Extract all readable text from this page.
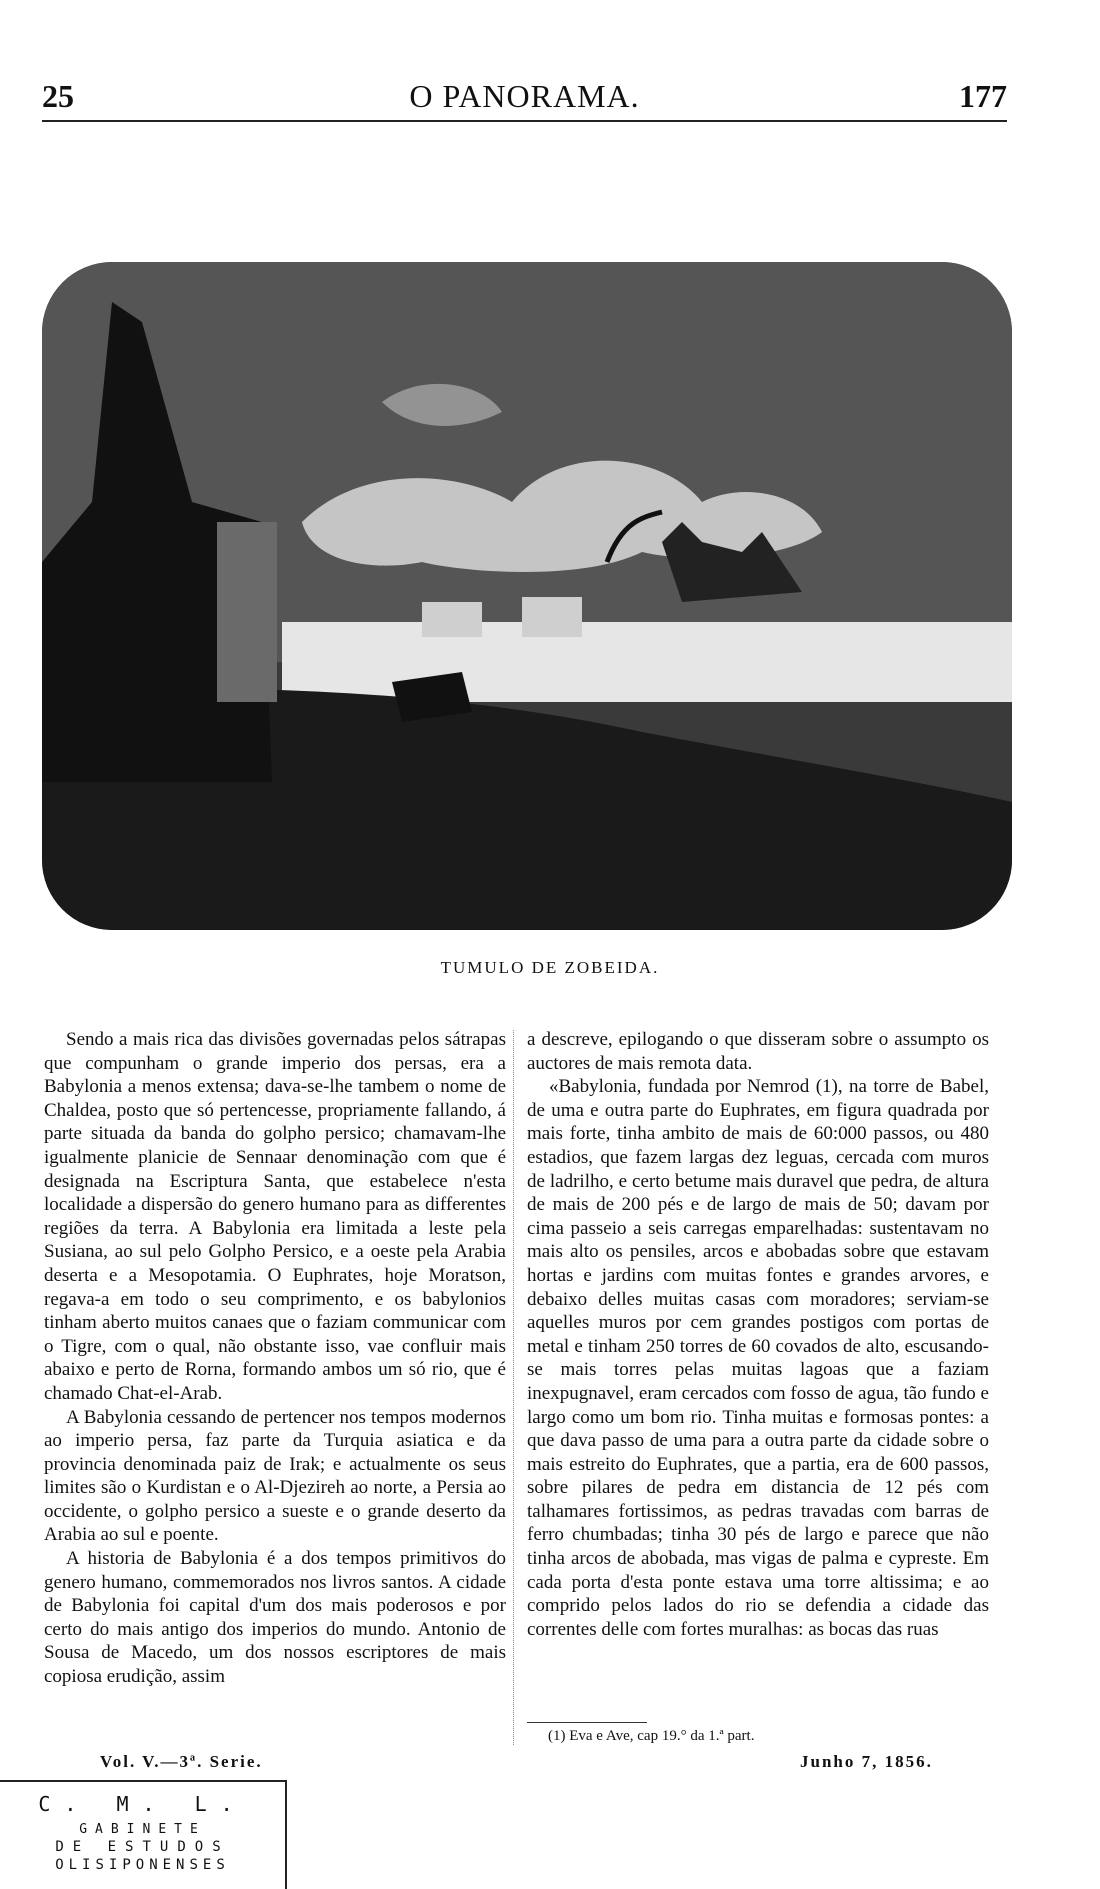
25	O PANORAMA.	177
TUMULO DE ZOBEIDA.

Sendo a mais rica das divisões governadas pelos sátrapas que compunham o grande imperio dos persas, era a Babylonia a menos extensa; dava-se-lhe tambem o nome de Chaldea, posto que só pertencesse, propriamente fallando, á parte situada da banda do golpho persico; chamavam-lhe igualmente planicie de Sennaar denominação com que é designada na Escriptura Santa, que estabelece n'esta localidade a dispersão do genero humano para as differentes regiões da terra. A Babylonia era limitada a leste pela Susiana, ao sul pelo Golpho Persico, e a oeste pela Arabia deserta e a Mesopotamia. O Euphrates, hoje Moratson, regava-a em todo o seu comprimento, e os babylonios tinham aberto muitos canaes que o faziam communicar com o Tigre, com o qual, não obstante isso, vae confluir mais abaixo e perto de Rorna, formando ambos um só rio, que é chamado Chat-el-Arab.

A Babylonia cessando de pertencer nos tempos modernos ao imperio persa, faz parte da Turquia asiatica e da provincia denominada paiz de Irak; e actualmente os seus limites são o Kurdistan e o Al-Djezireh ao norte, a Persia ao occidente, o golpho persico a sueste e o grande deserto da Arabia ao sul e poente.

A historia de Babylonia é a dos tempos primitivos do genero humano, commemorados nos livros santos. A cidade de Babylonia foi capital d'um dos mais poderosos e por certo do mais antigo dos imperios do mundo. Antonio de Sousa de Macedo, um dos nossos escriptores de mais copiosa erudição, assim

a descreve, epilogando o que disseram sobre o assumpto os auctores de mais remota data.

«Babylonia, fundada por Nemrod (1), na torre de Babel, de uma e outra parte do Euphrates, em figura quadrada por mais forte, tinha ambito de mais de 60:000 passos, ou 480 estadios, que fazem largas dez leguas, cercada com muros de ladrilho, e certo betume mais duravel que pedra, de altura de mais de 200 pés e de largo de mais de 50; davam por cima passeio a seis carregas emparelhadas: sustentavam no mais alto os pensiles, arcos e abobadas sobre que estavam hortas e jardins com muitas fontes e grandes arvores, e debaixo delles muitas casas com moradores; serviam-se aquelles muros por cem grandes postigos com portas de metal e tinham 250 torres de 60 covados de alto, escusando-se mais torres pelas muitas lagoas que a faziam inexpugnavel, eram cercados com fosso de agua, tão fundo e largo como um bom rio. Tinha muitas e formosas pontes: a que dava passo de uma para a outra parte da cidade sobre o mais estreito do Euphrates, que a partia, era de 600 passos, sobre pilares de pedra em distancia de 12 pés com talhamares fortissimos, as pedras travadas com barras de ferro chumbadas; tinha 30 pés de largo e parece que não tinha arcos de abobada, mas vigas de palma e cypreste. Em cada porta d'esta ponte estava uma torre altissima; e ao comprido pelos lados do rio se defendia a cidade das correntes delle com fortes muralhas: as bocas das ruas

(1) Eva e Ave, cap 19.° da 1.ª part.
Vol. V.—3ª. Serie.	Junho 7, 1856.
C. M. L.
GABINETE
DE ESTUDOS
OLISIPONENSES
